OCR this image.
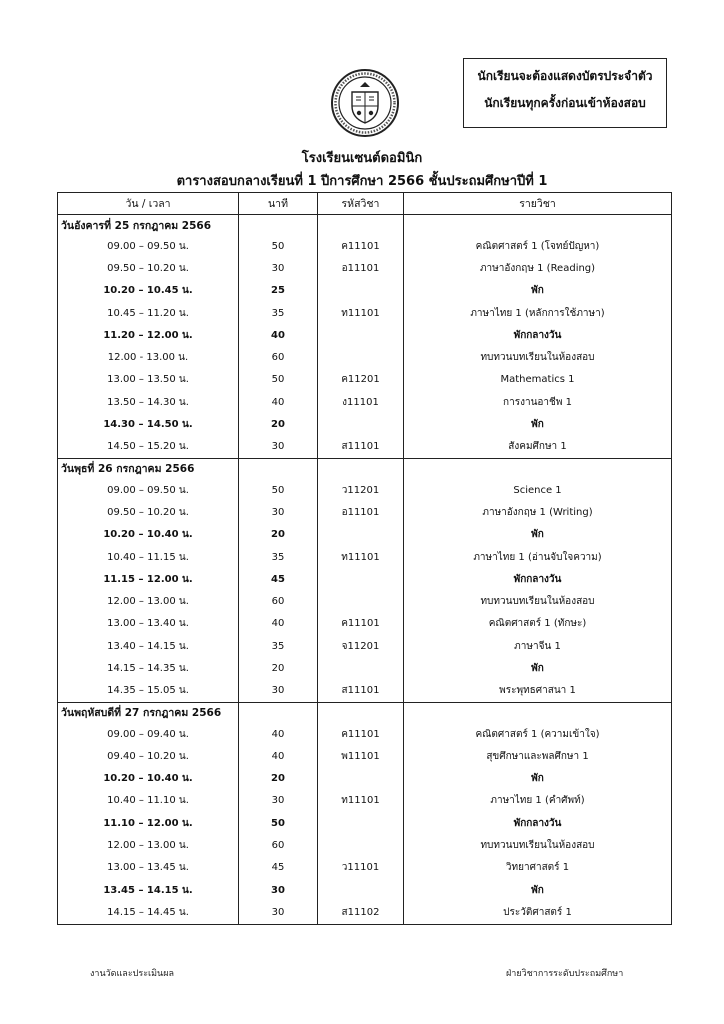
นักเรียนจะต้องแสดงบัตรประจำตัว
นักเรียนทุกครั้งก่อนเข้าห้องสอบ
โรงเรียนเซนต์ดอมินิก
ตารางสอบกลางเรียนที่ 1 ปีการศึกษา 2566 ชั้นประถมศึกษาปีที่ 1
วัน / เวลา	นาที	รหัสวิชา	รายวิชา
วันอังคารที่ 25 กรกฎาคม 2566			
09.00 – 09.50 น.	50	ค11101	คณิตศาสตร์ 1 (โจทย์ปัญหา)
09.50 – 10.20 น.	30	อ11101	ภาษาอังกฤษ 1 (Reading)
10.20 – 10.45 น.	25		พัก
10.45 – 11.20 น.	35	ท11101	ภาษาไทย 1 (หลักการใช้ภาษา)
11.20 – 12.00 น.	40		พักกลางวัน
12.00 - 13.00 น.	60		ทบทวนบทเรียนในห้องสอบ
13.00 – 13.50 น.	50	ค11201	Mathematics 1
13.50 – 14.30 น.	40	ง11101	การงานอาชีพ 1
14.30 – 14.50 น.	20		พัก
14.50 – 15.20 น.	30	ส11101	สังคมศึกษา 1
วันพุธที่ 26 กรกฎาคม 2566			
09.00 – 09.50 น.	50	ว11201	Science 1
09.50 – 10.20 น.	30	อ11101	ภาษาอังกฤษ 1 (Writing)
10.20 – 10.40 น.	20		พัก
10.40 – 11.15 น.	35	ท11101	ภาษาไทย 1 (อ่านจับใจความ)
11.15 – 12.00 น.	45		พักกลางวัน
12.00 – 13.00 น.	60		ทบทวนบทเรียนในห้องสอบ
13.00 – 13.40 น.	40	ค11101	คณิตศาสตร์ 1 (ทักษะ)
13.40 – 14.15 น.	35	จ11201	ภาษาจีน 1
14.15 – 14.35 น.	20		พัก
14.35 – 15.05 น.	30	ส11101	พระพุทธศาสนา 1
วันพฤหัสบดีที่ 27 กรกฎาคม 2566			
09.00 – 09.40 น.	40	ค11101	คณิตศาสตร์ 1 (ความเข้าใจ)
09.40 – 10.20 น.	40	พ11101	สุขศึกษาและพลศึกษา 1
10.20 – 10.40 น.	20		พัก
10.40 – 11.10 น.	30	ท11101	ภาษาไทย 1 (คำศัพท์)
11.10 – 12.00 น.	50		พักกลางวัน
12.00 – 13.00 น.	60		ทบทวนบทเรียนในห้องสอบ
13.00 – 13.45 น.	45	ว11101	วิทยาศาสตร์ 1
13.45 – 14.15 น.	30		พัก
14.15 – 14.45 น.	30	ส11102	ประวัติศาสตร์ 1
งานวัดและประเมินผล	ฝ่ายวิชาการระดับประถมศึกษา
